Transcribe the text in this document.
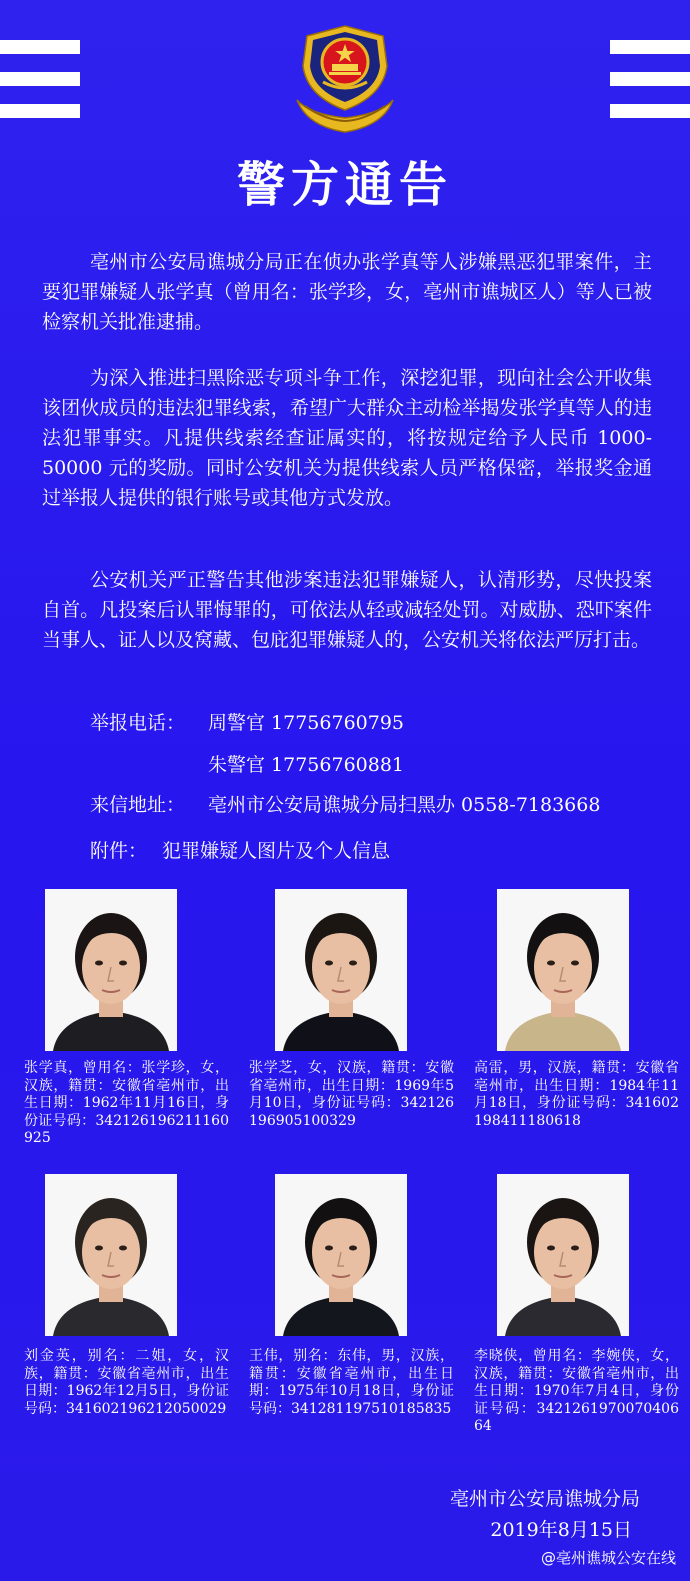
警方通告
亳州市公安局谯城分局正在侦办张学真等人涉嫌黑恶犯罪案件，主要犯罪嫌疑人张学真（曾用名：张学珍，女，亳州市谯城区人）等人已被检察机关批准逮捕。
为深入推进扫黑除恶专项斗争工作，深挖犯罪，现向社会公开收集该团伙成员的违法犯罪线索，希望广大群众主动检举揭发张学真等人的违法犯罪事实。凡提供线索经查证属实的，将按规定给予人民币 1000-50000 元的奖励。同时公安机关为提供线索人员严格保密，举报奖金通过举报人提供的银行账号或其他方式发放。
公安机关严正警告其他涉案违法犯罪嫌疑人，认清形势，尽快投案自首。凡投案后认罪悔罪的，可依法从轻或减轻处罚。对威胁、恐吓案件当事人、证人以及窝藏、包庇犯罪嫌疑人的，公安机关将依法严厉打击。
举报电话： 周警官 17756760795
朱警官 17756760881
来信地址： 亳州市公安局谯城分局扫黑办 0558-7183668
附件： 犯罪嫌疑人图片及个人信息
张学真，曾用名：张学珍，女，汉族，籍贯：安徽省亳州市，出生日期：1962年11月16日，身份证号码：342126196211160925
张学芝，女，汉族，籍贯：安徽省亳州市，出生日期：1969年5月10日，身份证号码：342126196905100329
高雷，男，汉族，籍贯：安徽省亳州市，出生日期：1984年11月18日，身份证号码：341602198411180618
刘金英，别名：二姐，女，汉族，籍贯：安徽省亳州市，出生日期：1962年12月5日，身份证号码：341602196212050029
王伟，别名：东伟，男，汉族，籍贯：安徽省亳州市，出生日期：1975年10月18日，身份证号码：341281197510185835
李晓侠，曾用名：李婉侠，女，汉族，籍贯：安徽省亳州市，出生日期：1970年7月4日，身份证号码：342126197007040664
亳州市公安局谯城分局
2019年8月15日
@亳州谯城公安在线
